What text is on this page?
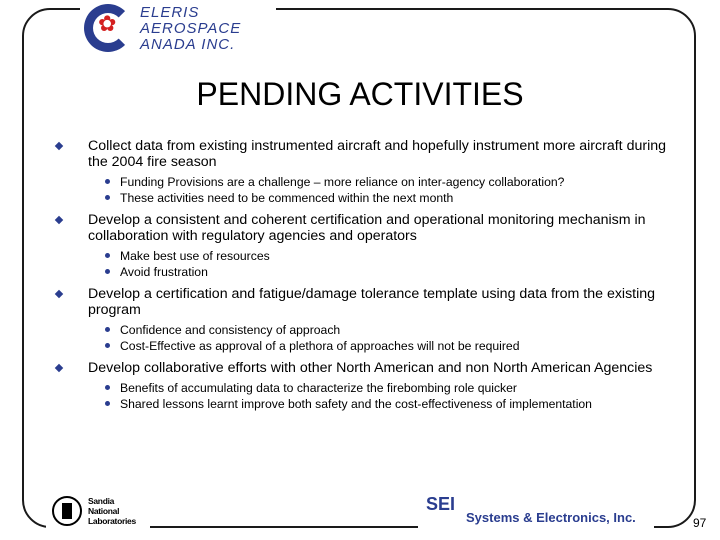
✿ ELERIS
AEROSPACE
ANADA INC.
PENDING ACTIVITIES
Collect data from existing instrumented aircraft and hopefully instrument more aircraft during the 2004 fire season
Funding Provisions are a challenge – more reliance on inter-agency collaboration?
These activities need to be commenced within the next month
Develop a consistent and coherent certification and operational monitoring mechanism in collaboration with regulatory agencies and operators
Make best use of resources
Avoid frustration
Develop a certification and fatigue/damage tolerance template using data from the existing program
Confidence and consistency of approach
Cost-Effective as approval of a plethora of approaches will not be required
Develop collaborative efforts with other North American and non North American Agencies
Benefits of accumulating data to characterize the firebombing role quicker
Shared lessons learnt improve both safety and the cost-effectiveness of implementation
Sandia
National
Laboratories
SEI
Systems & Electronics, Inc.	97
